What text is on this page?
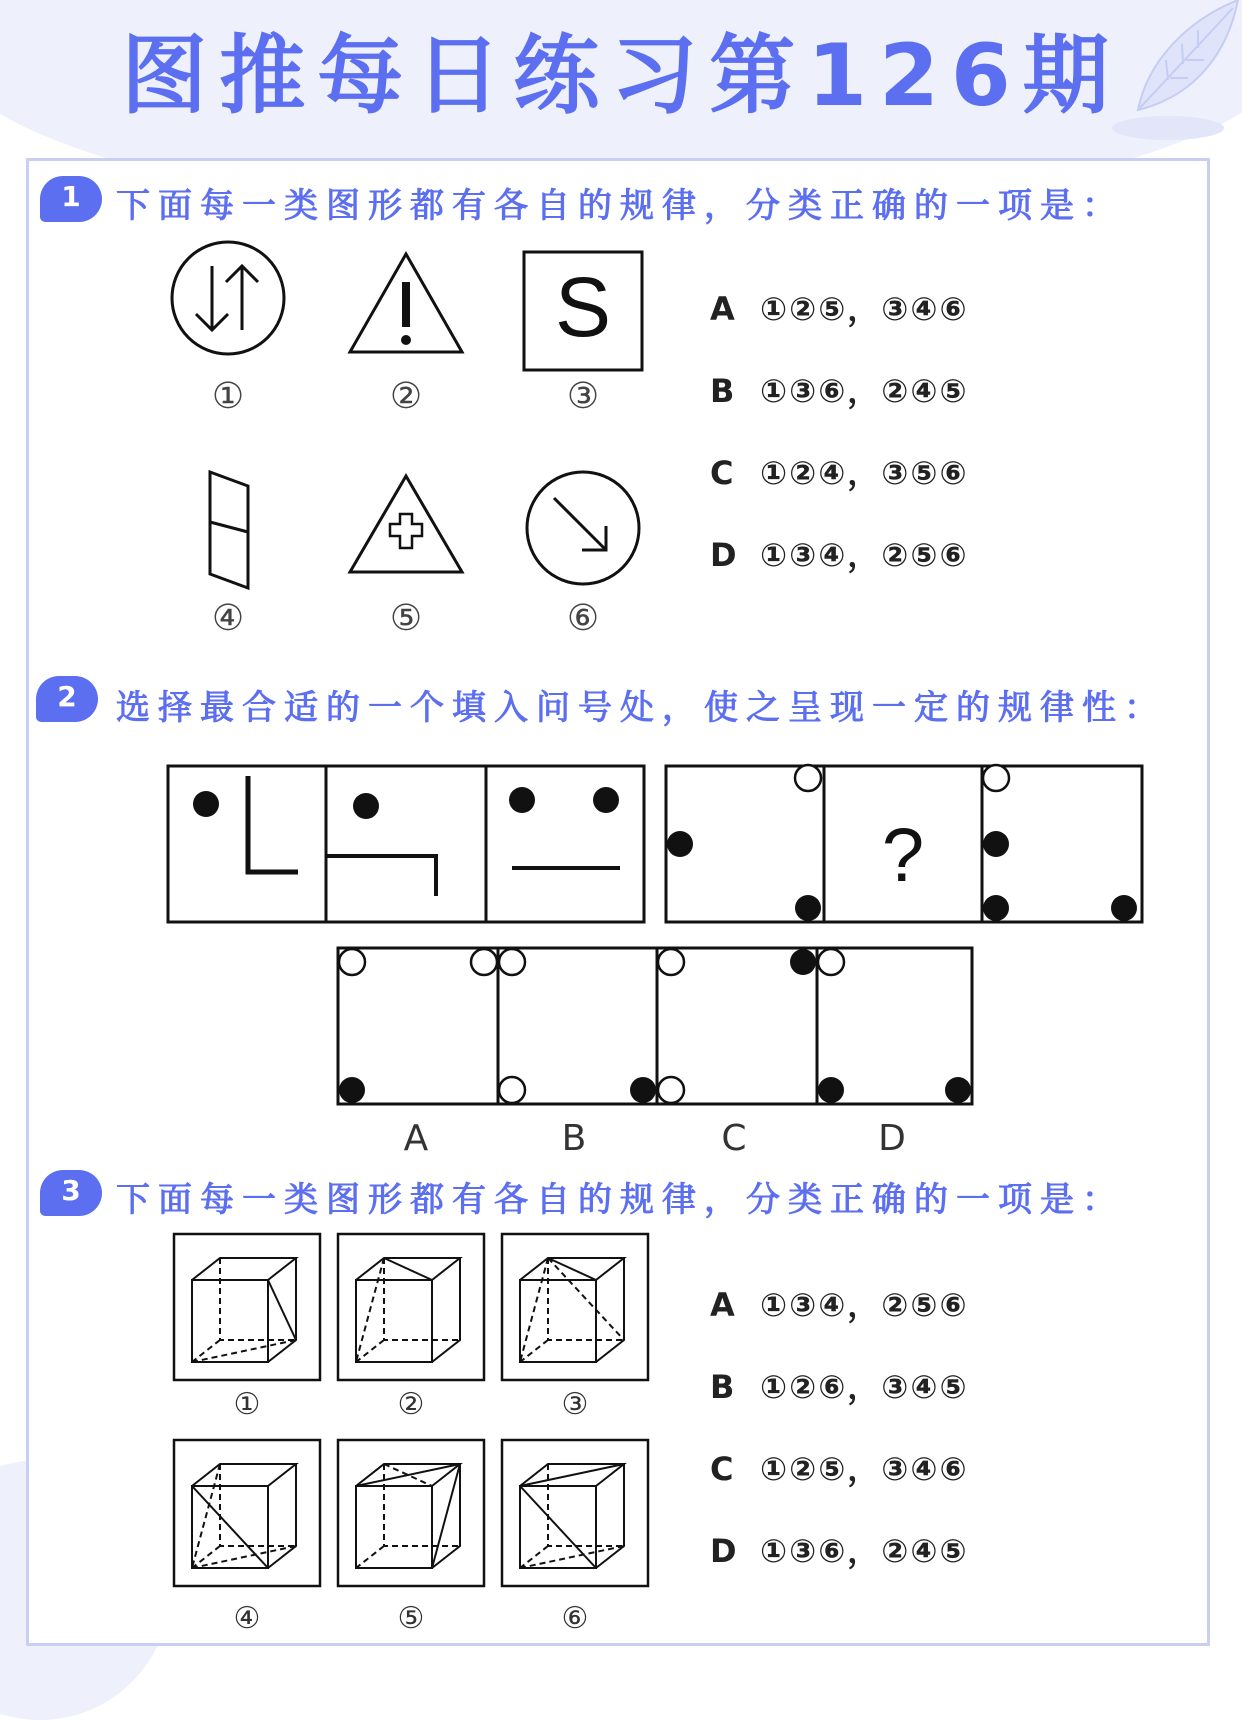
图推每日练习第126期
1	下面每一类图形都有各自的规律，分类正确的一项是：
S
①	②	③
④	⑤	⑥
A ①②⑤，③④⑥
B ①③⑥，②④⑤
C ①②④，③⑤⑥
D ①③④，②⑤⑥
2	选择最合适的一个填入问号处，使之呈现一定的规律性：
?
A	B	C	D
3	下面每一类图形都有各自的规律，分类正确的一项是：
①	②	③
④	⑤	⑥
A ①③④，②⑤⑥
B ①②⑥，③④⑤
C ①②⑤，③④⑥
D ①③⑥，②④⑤
